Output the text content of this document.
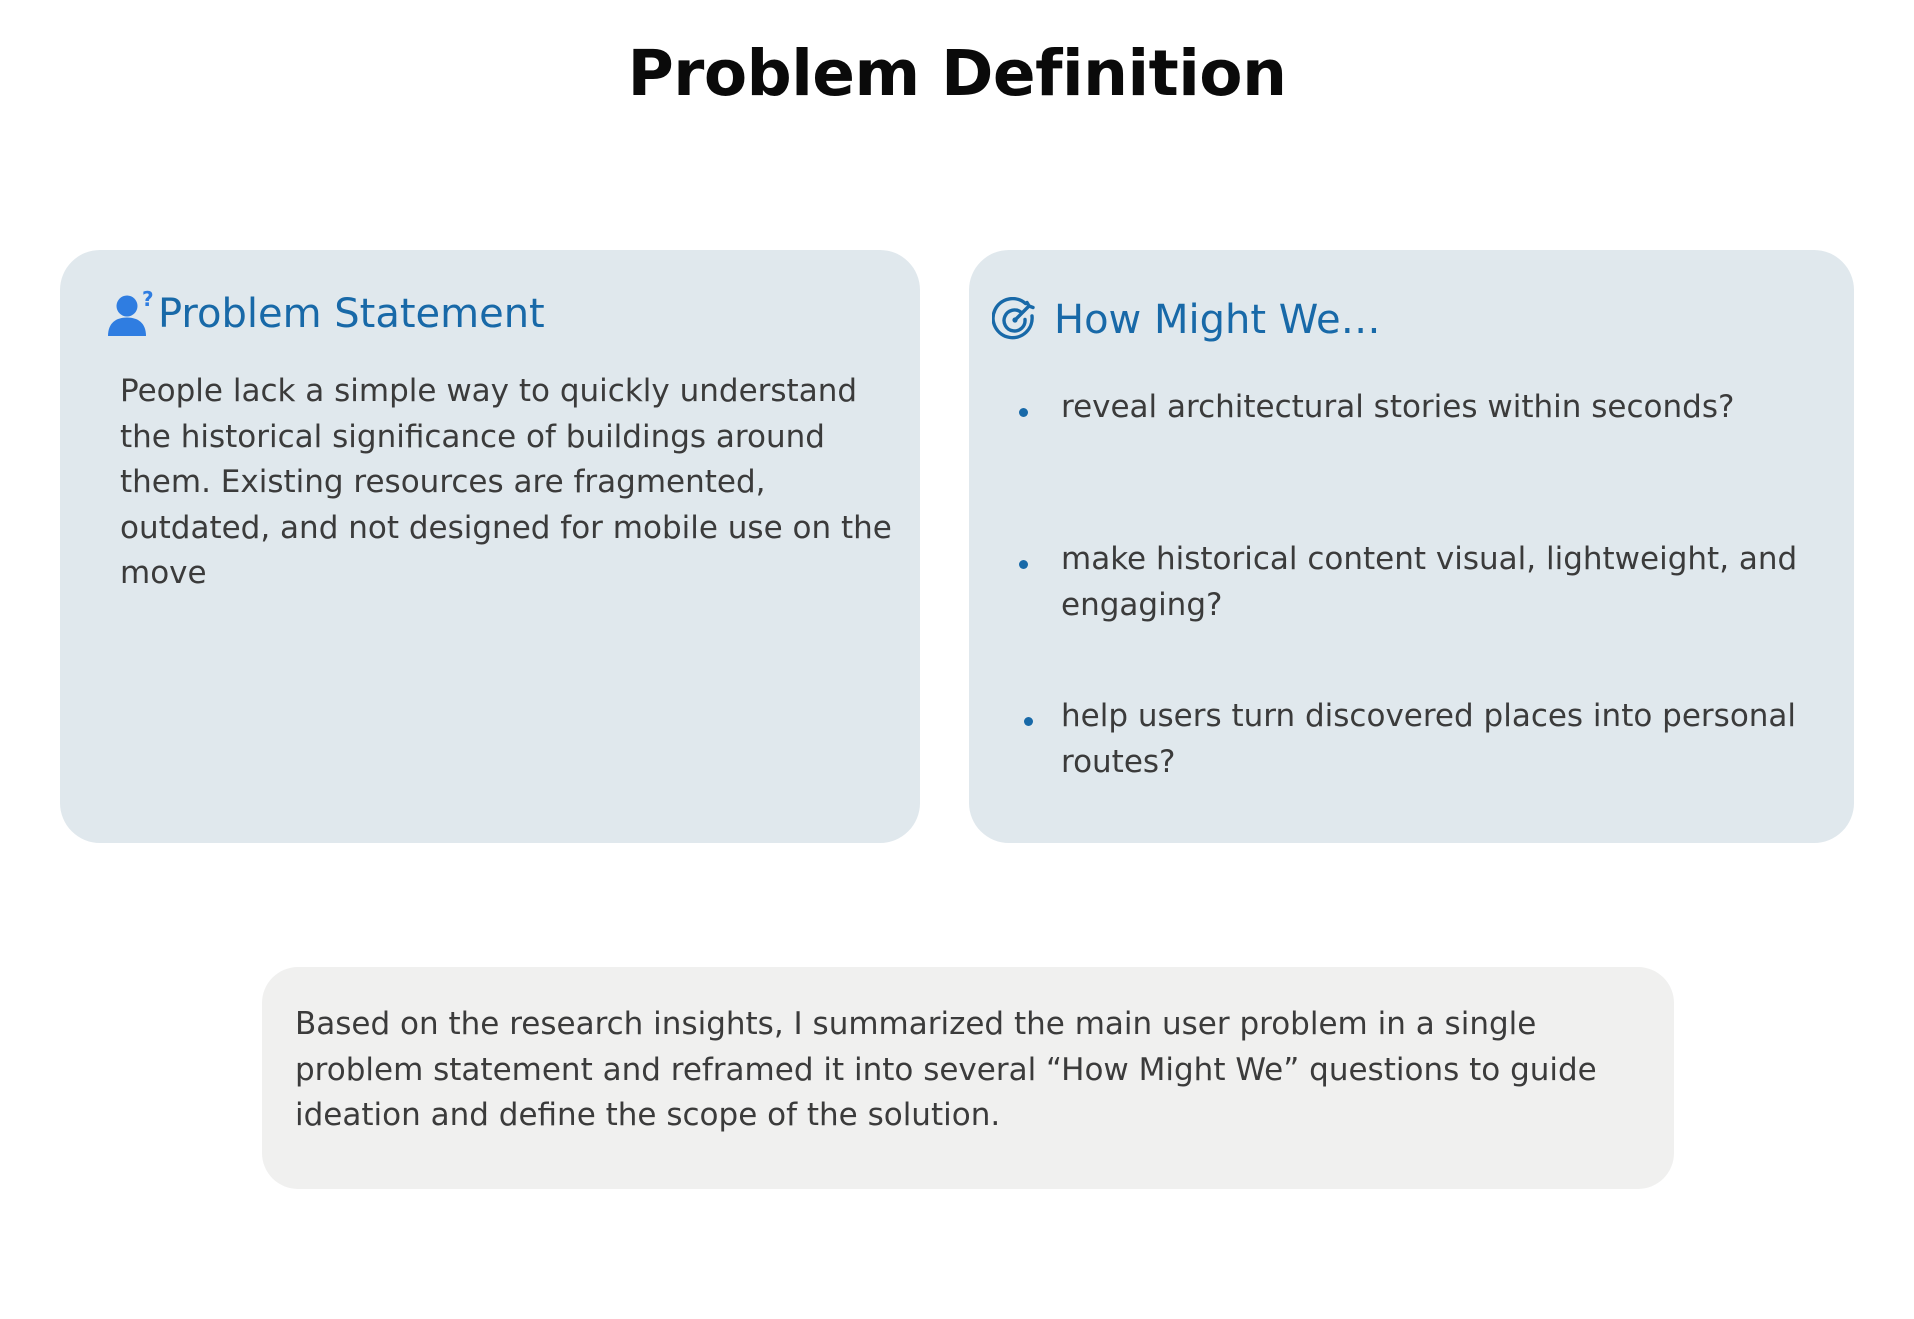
Problem Definition
? Problem Statement

People lack a simple way to quickly understand the historical significance of buildings around them. Existing resources are fragmented, outdated, and not designed for mobile use on the move

How Might We…
reveal architectural stories within seconds?
make historical content visual, lightweight, and engaging?
help users turn discovered places into personal routes?

Based on the research insights, I summarized the main user problem in a single problem statement and reframed it into several “How Might We” questions to guide ideation and define the scope of the solution.
